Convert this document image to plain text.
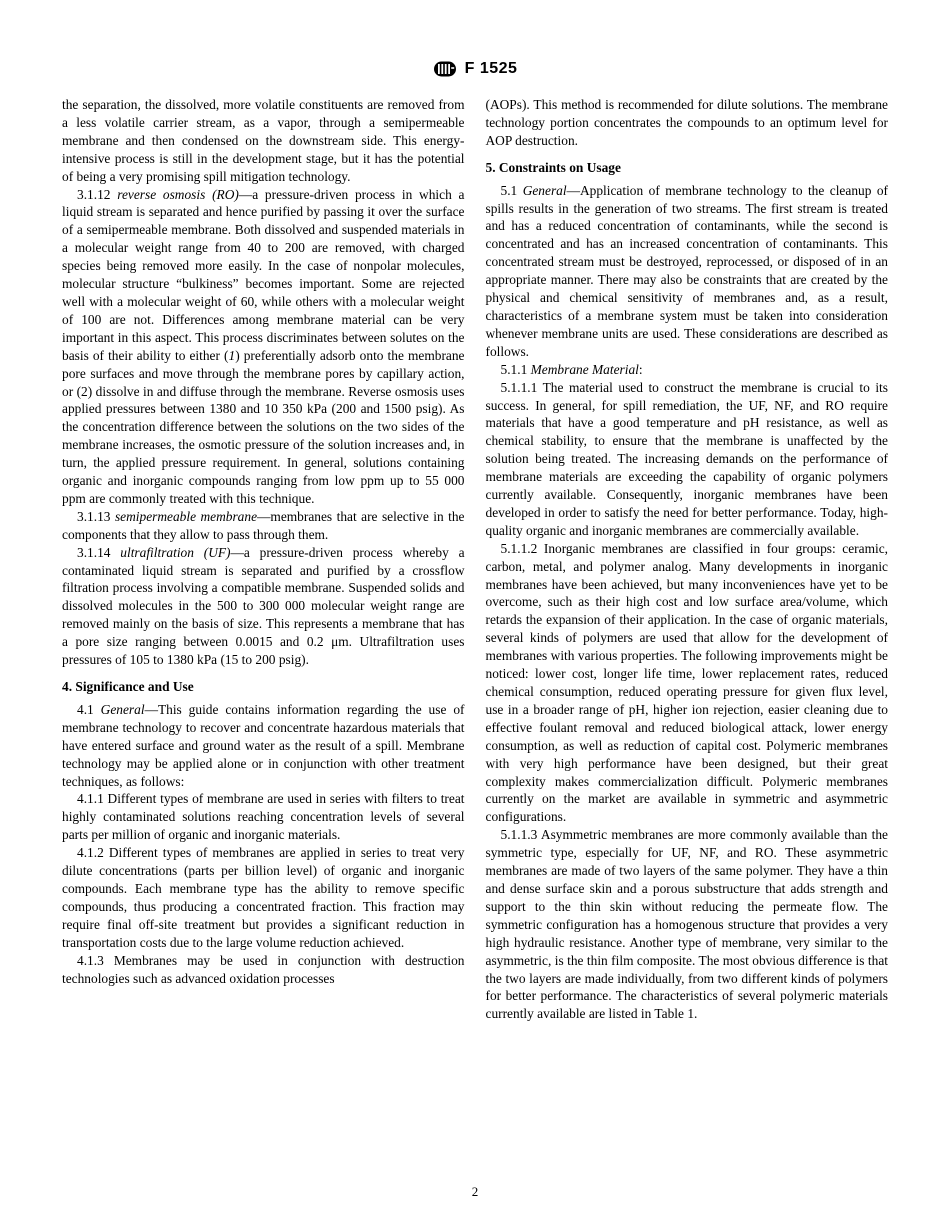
F 1525

the separation, the dissolved, more volatile constituents are removed from a less volatile carrier stream, as a vapor, through a semipermeable membrane and then condensed on the downstream side. This energy-intensive process is still in the development stage, but it has the potential of being a very promising spill mitigation technology.

3.1.12 reverse osmosis (RO)—a pressure-driven process in which a liquid stream is separated and hence purified by passing it over the surface of a semipermeable membrane. Both dissolved and suspended materials in a molecular weight range from 40 to 200 are removed, with charged species being removed more easily. In the case of nonpolar molecules, molecular structure “bulkiness” becomes important. Some are rejected well with a molecular weight of 60, while others with a molecular weight of 100 are not. Differences among membrane material can be very important in this aspect. This process discriminates between solutes on the basis of their ability to either (1) preferentially adsorb onto the membrane pore surfaces and move through the membrane pores by capillary action, or (2) dissolve in and diffuse through the membrane. Reverse osmosis uses applied pressures between 1380 and 10 350 kPa (200 and 1500 psig). As the concentration difference between the solutions on the two sides of the membrane increases, the osmotic pressure of the solution increases and, in turn, the applied pressure requirement. In general, solutions containing organic and inorganic compounds ranging from low ppm up to 55 000 ppm are commonly treated with this technique.

3.1.13 semipermeable membrane—membranes that are selective in the components that they allow to pass through them.

3.1.14 ultrafiltration (UF)—a pressure-driven process whereby a contaminated liquid stream is separated and purified by a crossflow filtration process involving a compatible membrane. Suspended solids and dissolved molecules in the 500 to 300 000 molecular weight range are removed mainly on the basis of size. This represents a membrane that has a pore size ranging between 0.0015 and 0.2 μm. Ultrafiltration uses pressures of 105 to 1380 kPa (15 to 200 psig).

4. Significance and Use

4.1 General—This guide contains information regarding the use of membrane technology to recover and concentrate hazardous materials that have entered surface and ground water as the result of a spill. Membrane technology may be applied alone or in conjunction with other treatment techniques, as follows:

4.1.1 Different types of membrane are used in series with filters to treat highly contaminated solutions reaching concentration levels of several parts per million of organic and inorganic materials.

4.1.2 Different types of membranes are applied in series to treat very dilute concentrations (parts per billion level) of organic and inorganic compounds. Each membrane type has the ability to remove specific compounds, thus producing a concentrated fraction. This fraction may require final off-site treatment but provides a significant reduction in transportation costs due to the large volume reduction achieved.

4.1.3 Membranes may be used in conjunction with destruction technologies such as advanced oxidation processes

(AOPs). This method is recommended for dilute solutions. The membrane technology portion concentrates the compounds to an optimum level for AOP destruction.

5. Constraints on Usage

5.1 General—Application of membrane technology to the cleanup of spills results in the generation of two streams. The first stream is treated and has a reduced concentration of contaminants, while the second is concentrated and has an increased concentration of contaminants. This concentrated stream must be destroyed, reprocessed, or disposed of in an appropriate manner. There may also be constraints that are created by the physical and chemical sensitivity of membranes and, as a result, characteristics of a membrane system must be taken into consideration whenever membrane units are used. These considerations are described as follows.

5.1.1 Membrane Material:

5.1.1.1 The material used to construct the membrane is crucial to its success. In general, for spill remediation, the UF, NF, and RO require materials that have a good temperature and pH resistance, as well as chemical stability, to ensure that the membrane is unaffected by the solution being treated. The increasing demands on the performance of membrane materials are exceeding the capability of organic polymers currently available. Consequently, inorganic membranes have been developed in order to satisfy the need for better performance. Today, high-quality organic and inorganic membranes are commercially available.

5.1.1.2 Inorganic membranes are classified in four groups: ceramic, carbon, metal, and polymer analog. Many developments in inorganic membranes have been achieved, but many inconveniences have yet to be overcome, such as their high cost and low surface area/volume, which retards the expansion of their application. In the case of organic materials, several kinds of polymers are used that allow for the development of membranes with various properties. The following improvements might be noticed: lower cost, longer life time, lower replacement rates, reduced chemical consumption, reduced operating pressure for given flux level, use in a broader range of pH, higher ion rejection, easier cleaning due to effective foulant removal and reduced biological attack, lower energy consumption, as well as reduction of capital cost. Polymeric membranes with very high performance have been designed, but their great complexity makes commercialization difficult. Polymeric membranes currently on the market are available in symmetric and asymmetric configurations.

5.1.1.3 Asymmetric membranes are more commonly available than the symmetric type, especially for UF, NF, and RO. These asymmetric membranes are made of two layers of the same polymer. They have a thin and dense surface skin and a porous substructure that adds strength and support to the thin skin without reducing the permeate flow. The symmetric configuration has a homogenous structure that provides a very high hydraulic resistance. Another type of membrane, very similar to the asymmetric, is the thin film composite. The most obvious difference is that the two layers are made individually, from two different kinds of polymers for better performance. The characteristics of several polymeric materials currently available are listed in Table 1.

2
